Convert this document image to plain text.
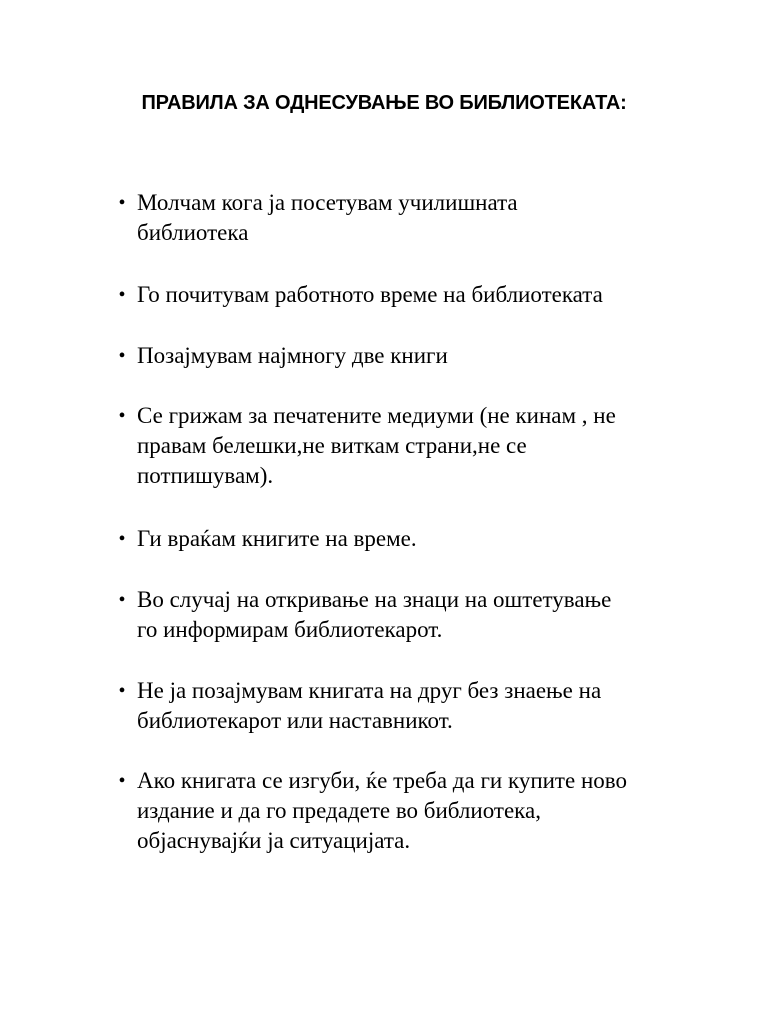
ПРАВИЛА ЗА ОДНЕСУВАЊЕ ВО БИБЛИОТЕКАТА:
• Молчам кога ја посетувам училишната
библиотека
• Го почитувам работното време на библиотеката
• Позајмувам најмногу две книги
• Се грижам за печатените медиуми (не кинам , не
правам белешки,не виткам страни,не се
потпишувам).
• Ги враќам книгите на време.
• Во случај на откривање на знаци на оштетување
го информирам библиотекарот.
• Не ја позајмувам книгата на друг без знаење на
библиотекарот или наставникот.
• Ако книгата се изгуби, ќе треба да ги купите ново
издание и да го предадете во библиотека,
објаснувајќи ја ситуацијата.
